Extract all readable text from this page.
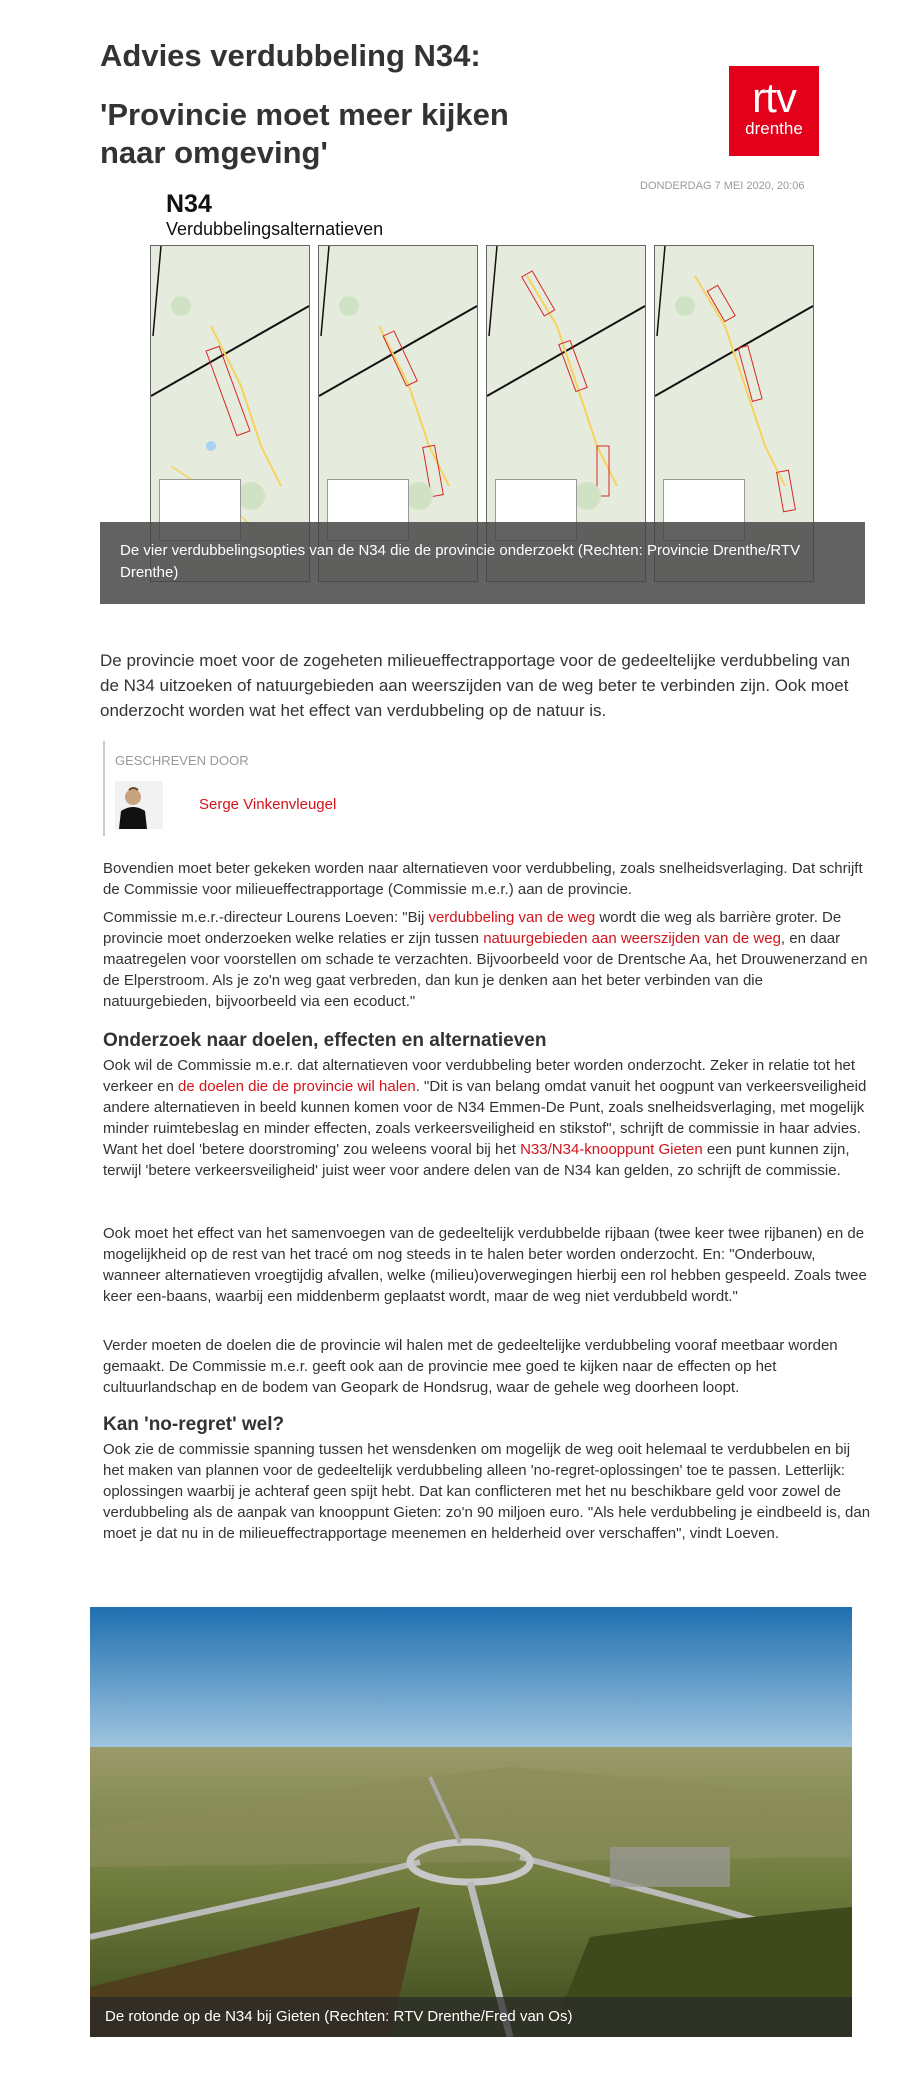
Advies verdubbeling N34:
'Provincie moet meer kijken naar omgeving'
rtv
drenthe
DONDERDAG 7 MEI 2020, 20:06
N34
Verdubbelingsalternatieven
De vier verdubbelingsopties van de N34 die de provincie onderzoekt (Rechten: Provincie Drenthe/RTV Drenthe)

De provincie moet voor de zogeheten milieueffectrapportage voor de gedeeltelijke verdubbeling van de N34 uitzoeken of natuurgebieden aan weerszijden van de weg beter te verbinden zijn. Ook moet onderzocht worden wat het effect van verdubbeling op de natuur is.

GESCHREVEN DOOR
Serge Vinkenvleugel

Bovendien moet beter gekeken worden naar alternatieven voor verdubbeling, zoals snelheidsverlaging. Dat schrijft de Commissie voor milieueffectrapportage (Commissie m.e.r.) aan de provincie.

Commissie m.e.r.-directeur Lourens Loeven: "Bij verdubbeling van de weg wordt die weg als barrière groter. De provincie moet onderzoeken welke relaties er zijn tussen natuurgebieden aan weerszijden van de weg, en daar maatregelen voor voorstellen om schade te verzachten. Bijvoorbeeld voor de Drentsche Aa, het Drouwenerzand en de Elperstroom. Als je zo'n weg gaat verbreden, dan kun je denken aan het beter verbinden van die natuurgebieden, bijvoorbeeld via een ecoduct."

Onderzoek naar doelen, effecten en alternatieven

Ook wil de Commissie m.e.r. dat alternatieven voor verdubbeling beter worden onderzocht. Zeker in relatie tot het verkeer en de doelen die de provincie wil halen. "Dit is van belang omdat vanuit het oogpunt van verkeersveiligheid andere alternatieven in beeld kunnen komen voor de N34 Emmen-De Punt, zoals snelheidsverlaging, met mogelijk minder ruimtebeslag en minder effecten, zoals verkeersveiligheid en stikstof", schrijft de commissie in haar advies. Want het doel 'betere doorstroming' zou weleens vooral bij het N33/N34-knooppunt Gieten een punt kunnen zijn, terwijl 'betere verkeersveiligheid' juist weer voor andere delen van de N34 kan gelden, zo schrijft de commissie.

Ook moet het effect van het samenvoegen van de gedeeltelijk verdubbelde rijbaan (twee keer twee rijbanen) en de mogelijkheid op de rest van het tracé om nog steeds in te halen beter worden onderzocht. En: "Onderbouw, wanneer alternatieven vroegtijdig afvallen, welke (milieu)overwegingen hierbij een rol hebben gespeeld. Zoals twee keer een-baans, waarbij een middenberm geplaatst wordt, maar de weg niet verdubbeld wordt."

Verder moeten de doelen die de provincie wil halen met de gedeeltelijke verdubbeling vooraf meetbaar worden gemaakt. De Commissie m.e.r. geeft ook aan de provincie mee goed te kijken naar de effecten op het cultuurlandschap en de bodem van Geopark de Hondsrug, waar de gehele weg doorheen loopt.

Kan 'no-regret' wel?

Ook zie de commissie spanning tussen het wensdenken om mogelijk de weg ooit helemaal te verdubbelen en bij het maken van plannen voor de gedeeltelijk verdubbeling alleen 'no-regret-oplossingen' toe te passen. Letterlijk: oplossingen waarbij je achteraf geen spijt hebt. Dat kan conflicteren met het nu beschikbare geld voor zowel de verdubbeling als de aanpak van knooppunt Gieten: zo'n 90 miljoen euro. "Als hele verdubbeling je eindbeeld is, dan moet je dat nu in de milieueffectrapportage meenemen en helderheid over verschaffen", vindt Loeven.

De rotonde op de N34 bij Gieten (Rechten: RTV Drenthe/Fred van Os)
